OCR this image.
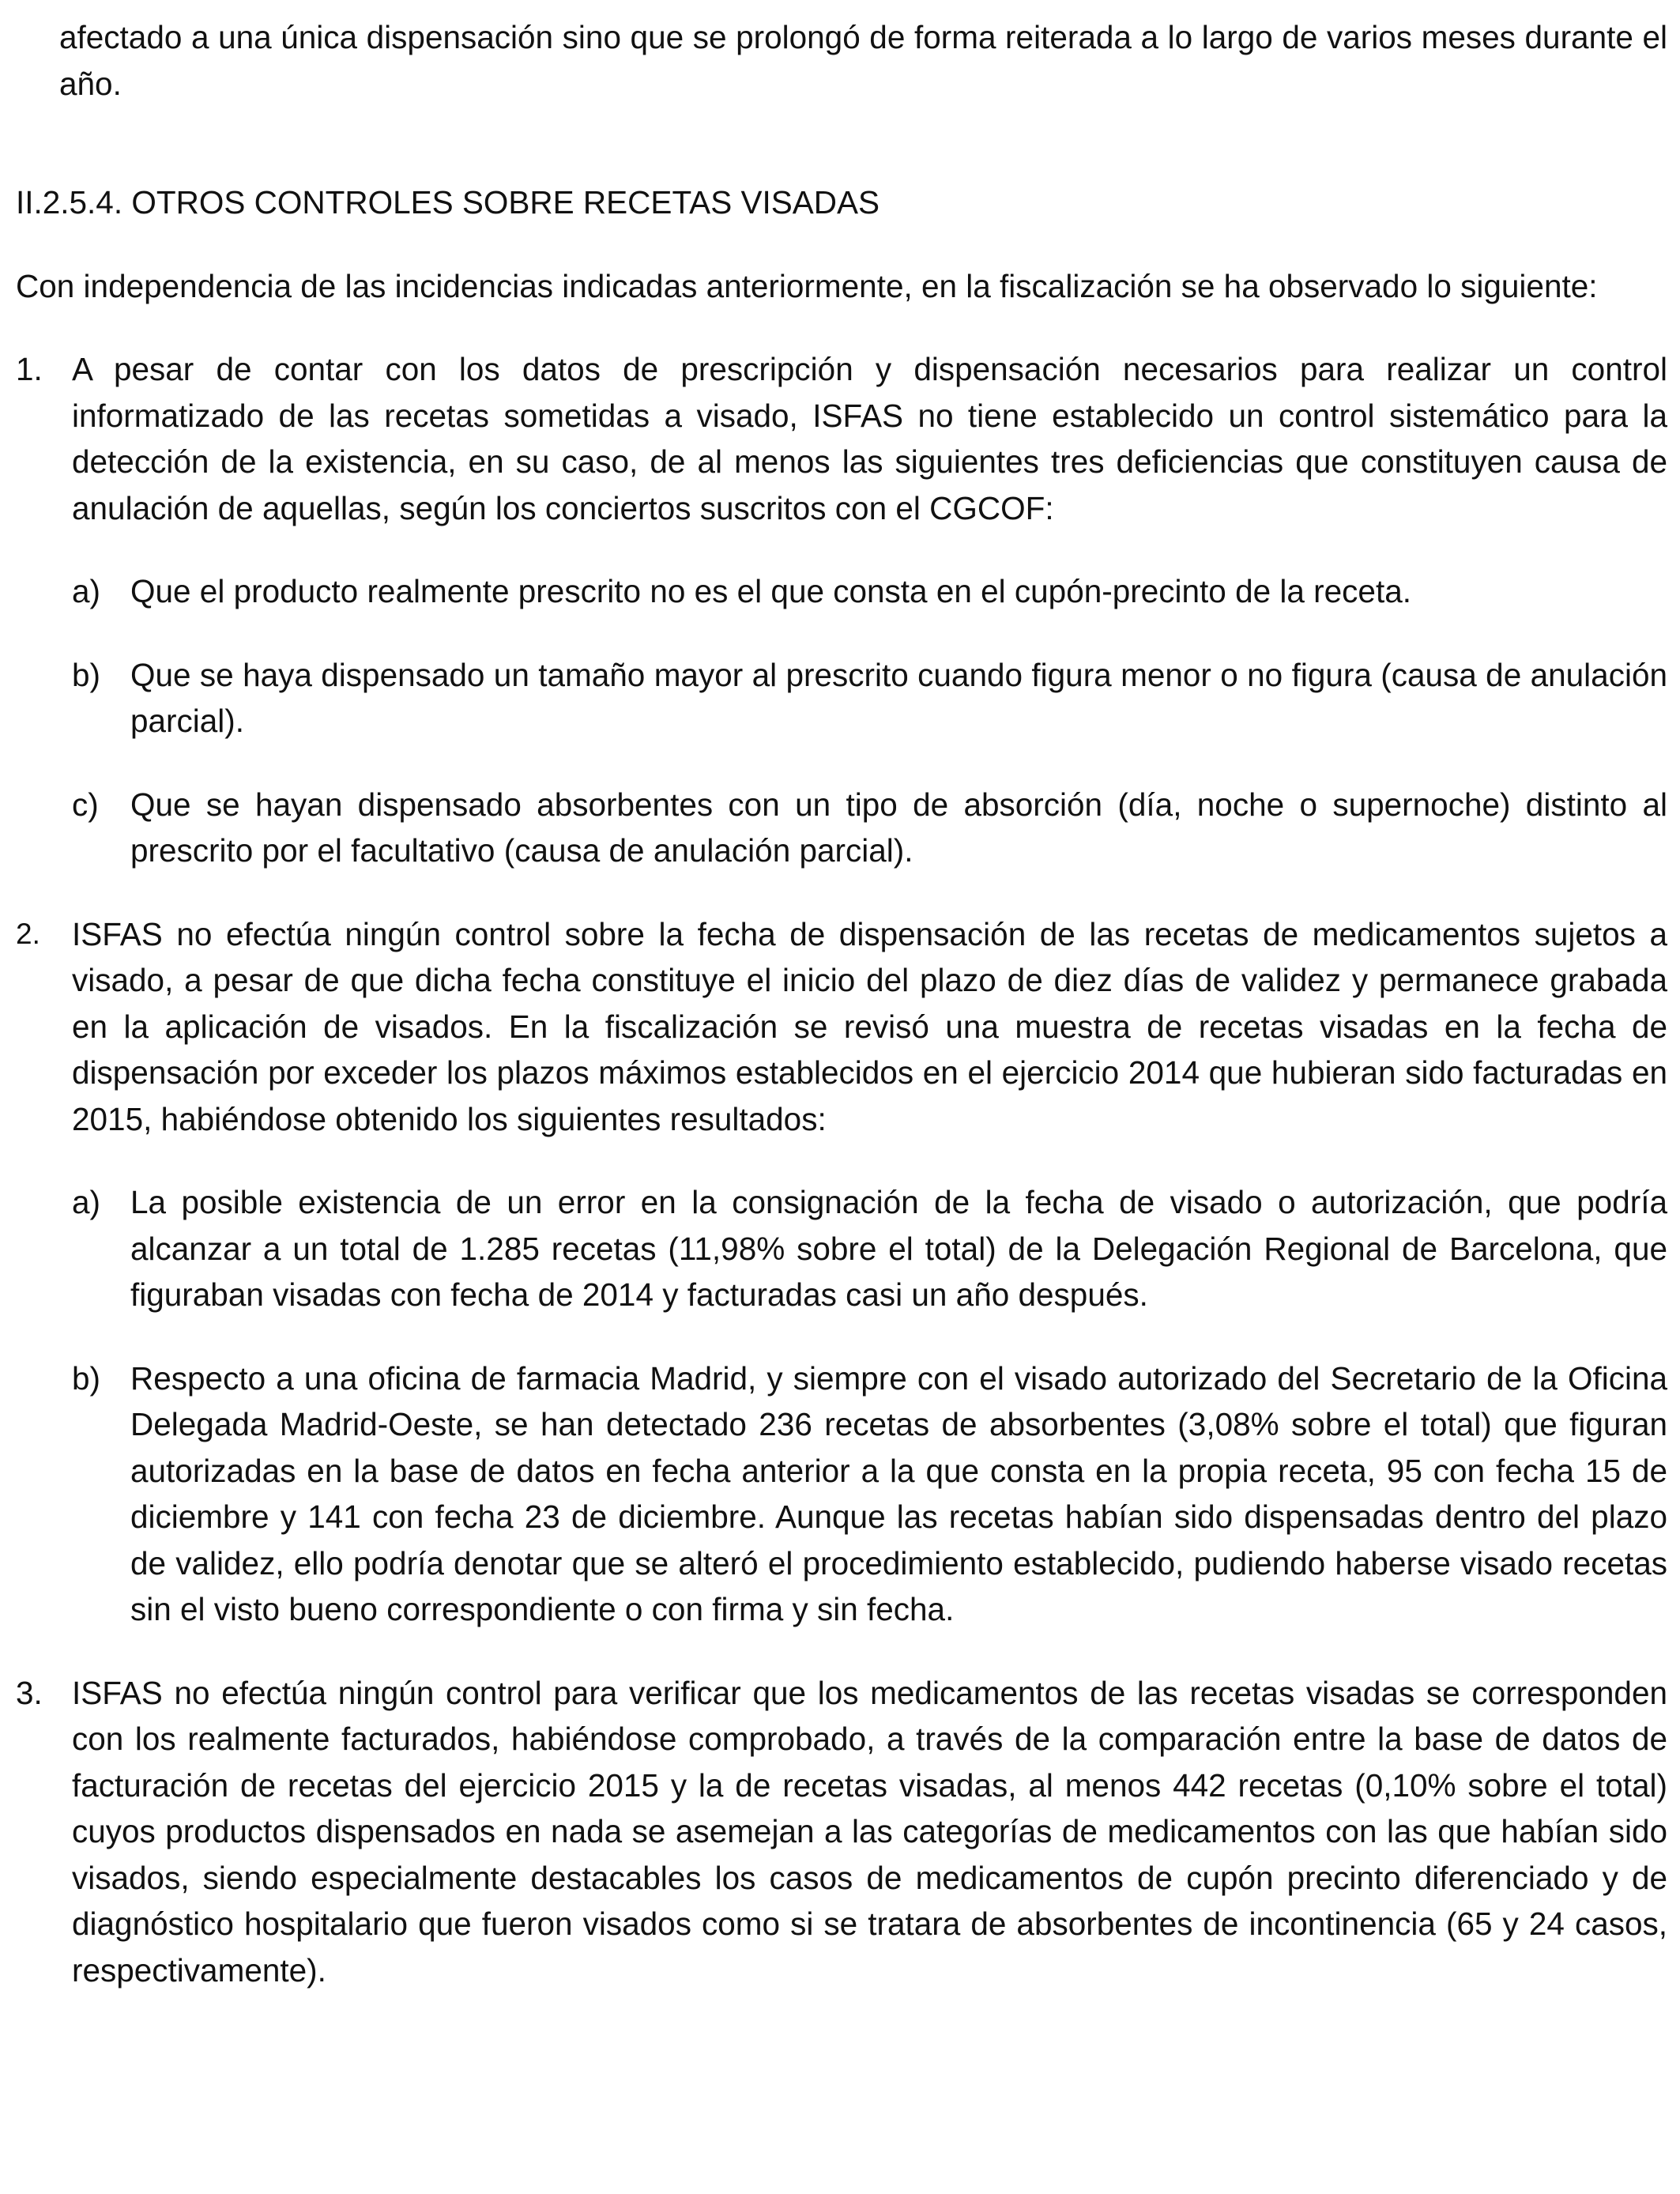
afectado a una única dispensación sino que se prolongó de forma reiterada a lo largo de varios meses durante el año.

II.2.5.4. OTROS CONTROLES SOBRE RECETAS VISADAS

Con independencia de las incidencias indicadas anteriormente, en la fiscalización se ha observado lo siguiente:

1. A pesar de contar con los datos de prescripción y dispensación necesarios para realizar un control informatizado de las recetas sometidas a visado, ISFAS no tiene establecido un control sistemático para la detección de la existencia, en su caso, de al menos las siguientes tres deficiencias que constituyen causa de anulación de aquellas, según los conciertos suscritos con el CGCOF:

a) Que el producto realmente prescrito no es el que consta en el cupón-precinto de la receta.

b) Que se haya dispensado un tamaño mayor al prescrito cuando figura menor o no figura (causa de anulación parcial).

c) Que se hayan dispensado absorbentes con un tipo de absorción (día, noche o supernoche) distinto al prescrito por el facultativo (causa de anulación parcial).

2. ISFAS no efectúa ningún control sobre la fecha de dispensación de las recetas de medicamentos sujetos a visado, a pesar de que dicha fecha constituye el inicio del plazo de diez días de validez y permanece grabada en la aplicación de visados. En la fiscalización se revisó una muestra de recetas visadas en la fecha de dispensación por exceder los plazos máximos establecidos en el ejercicio 2014 que hubieran sido facturadas en 2015, habiéndose obtenido los siguientes resultados:

a) La posible existencia de un error en la consignación de la fecha de visado o autorización, que podría alcanzar a un total de 1.285 recetas (11,98% sobre el total) de la Delegación Regional de Barcelona, que figuraban visadas con fecha de 2014 y facturadas casi un año después.

b) Respecto a una oficina de farmacia Madrid, y siempre con el visado autorizado del Secretario de la Oficina Delegada Madrid-Oeste, se han detectado 236 recetas de absorbentes (3,08% sobre el total) que figuran autorizadas en la base de datos en fecha anterior a la que consta en la propia receta, 95 con fecha 15 de diciembre y 141 con fecha 23 de diciembre. Aunque las recetas habían sido dispensadas dentro del plazo de validez, ello podría denotar que se alteró el procedimiento establecido, pudiendo haberse visado recetas sin el visto bueno correspondiente o con firma y sin fecha.

3. ISFAS no efectúa ningún control para verificar que los medicamentos de las recetas visadas se corresponden con los realmente facturados, habiéndose comprobado, a través de la comparación entre la base de datos de facturación de recetas del ejercicio 2015 y la de recetas visadas, al menos 442 recetas (0,10% sobre el total) cuyos productos dispensados en nada se asemejan a las categorías de medicamentos con las que habían sido visados, siendo especialmente destacables los casos de medicamentos de cupón precinto diferenciado y de diagnóstico hospitalario que fueron visados como si se tratara de absorbentes de incontinencia (65 y 24 casos, respectivamente).
